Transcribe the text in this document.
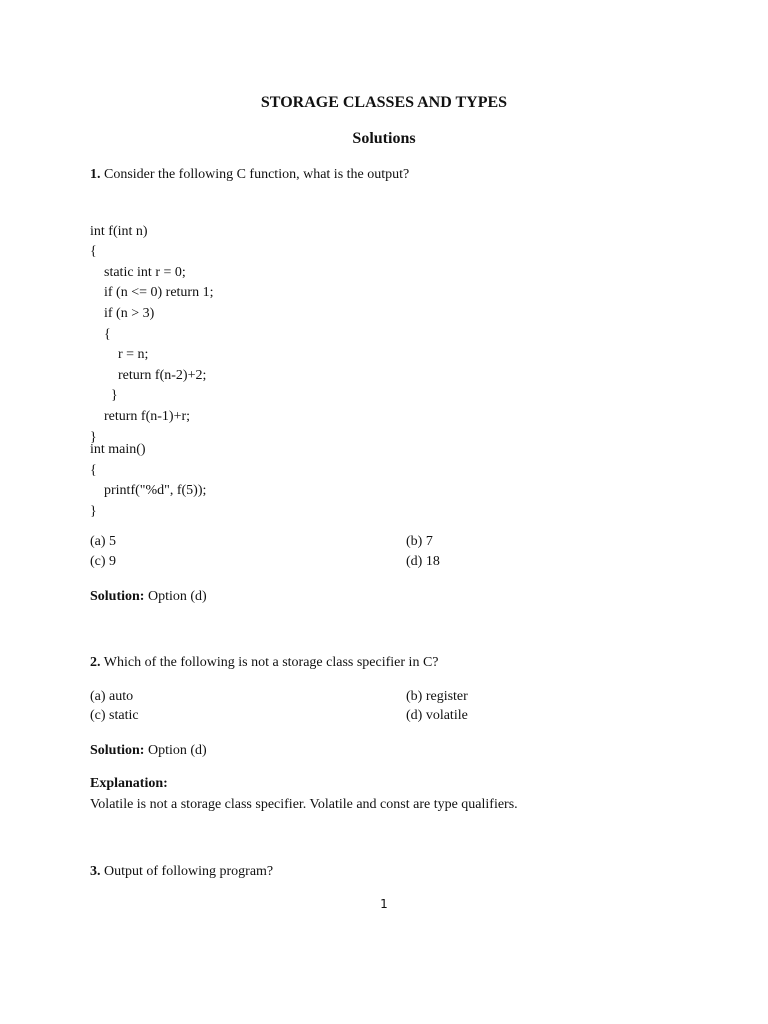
STORAGE CLASSES AND TYPES
Solutions
1. Consider the following C function, what is the output?

int f(int n)
{
static int r = 0;
if (n <= 0) return 1;
if (n > 3)
{
r = n;
return f(n-2)+2;
}
return f(n-1)+r;
}
int main()
{
printf("%d", f(5));
}
(a) 5	(b) 7
(c) 9	(d) 18
Solution: Option (d)
2. Which of the following is not a storage class specifier in C?
(a) auto	(b) register
(c) static	(d) volatile
Solution: Option (d)
Explanation:
Volatile is not a storage class specifier. Volatile and const are type qualifiers.
3. Output of following program?
1
